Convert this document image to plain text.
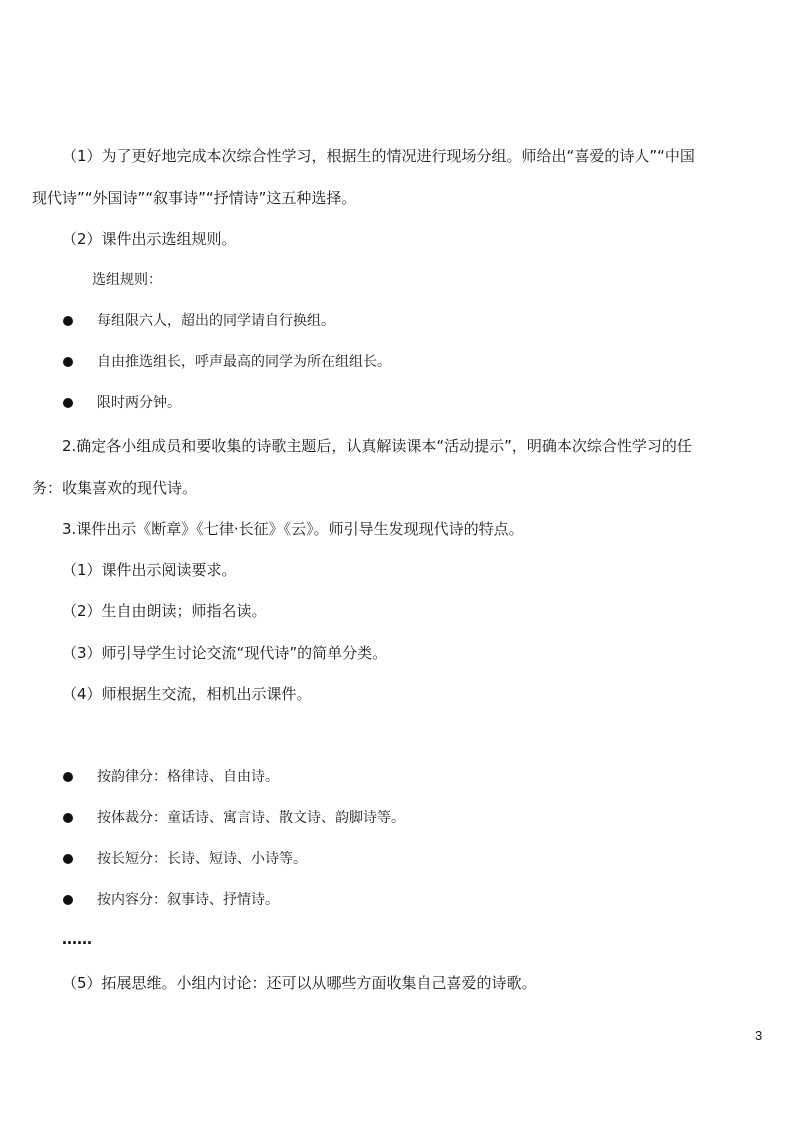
（1）为了更好地完成本次综合性学习，根据生的情况进行现场分组。师给出“喜爱的诗人”“中国
现代诗”“外国诗”“叙事诗”“抒情诗”这五种选择。
（2）课件出示选组规则。
选组规则：
每组限六人，超出的同学请自行换组。
自由推选组长，呼声最高的同学为所在组组长。
限时两分钟。
2.确定各小组成员和要收集的诗歌主题后，认真解读课本“活动提示”，明确本次综合性学习的任
务：收集喜欢的现代诗。
3.课件出示《断章》《七律·长征》《云》。师引导生发现现代诗的特点。
（1）课件出示阅读要求。
（2）生自由朗读；师指名读。
（3）师引导学生讨论交流“现代诗”的简单分类。
（4）师根据生交流，相机出示课件。
按韵律分：格律诗、自由诗。
按体裁分：童话诗、寓言诗、散文诗、韵脚诗等。
按长短分：长诗、短诗、小诗等。
按内容分：叙事诗、抒情诗。
……
（5）拓展思维。小组内讨论：还可以从哪些方面收集自己喜爱的诗歌。
3
